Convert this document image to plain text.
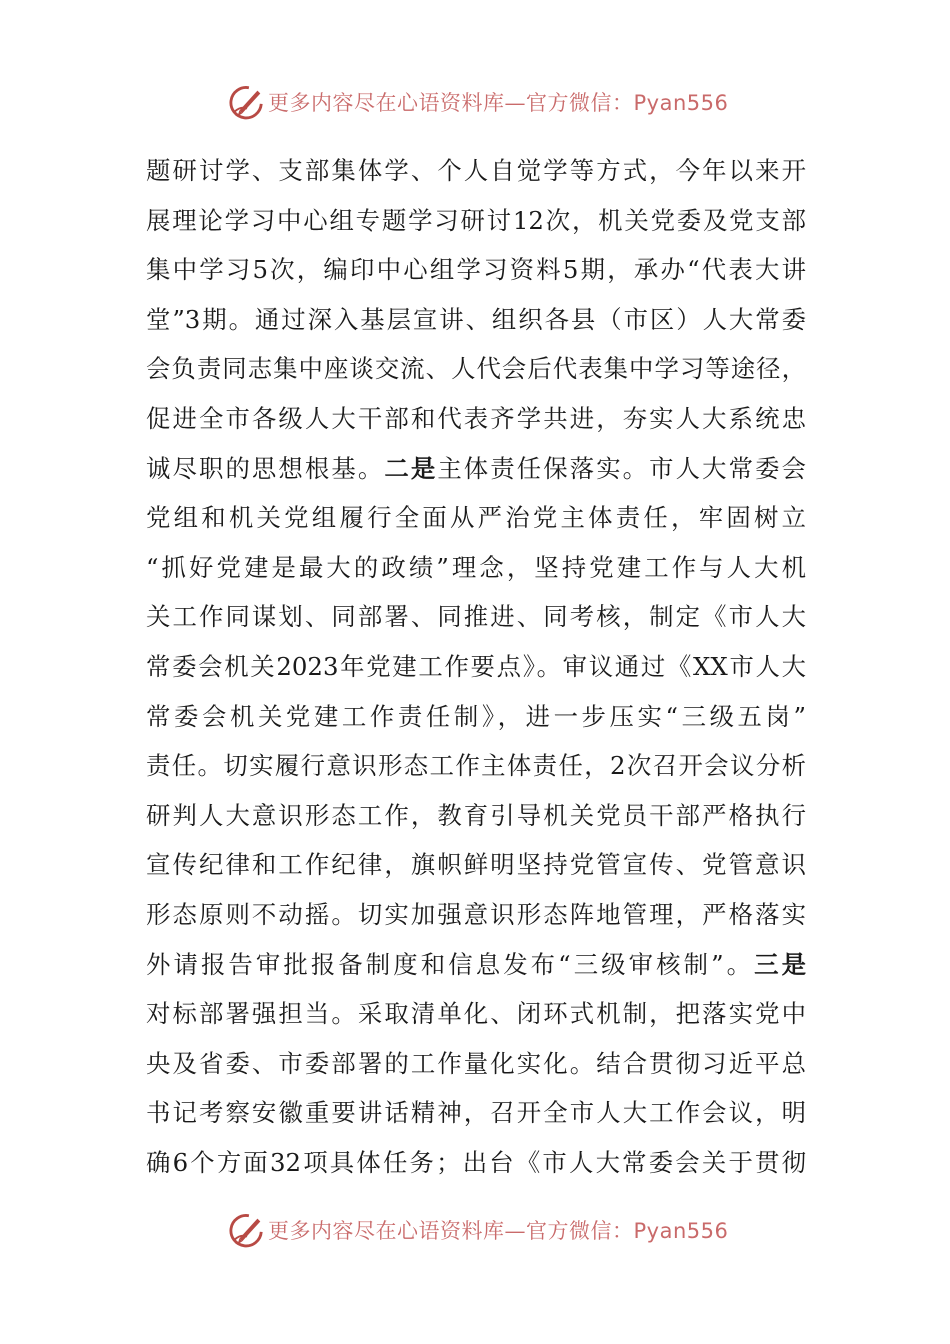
更多内容尽在心语资料库—官方微信：Pyan556
题研讨学、支部集体学、个人自觉学等方式，今年以来开
展理论学习中心组专题学习研讨12次，机关党委及党支部
集中学习5次，编印中心组学习资料5期，承办“代表大讲
堂”3期。通过深入基层宣讲、组织各县（市区）人大常委
会负责同志集中座谈交流、人代会后代表集中学习等途径，
促进全市各级人大干部和代表齐学共进，夯实人大系统忠
诚尽职的思想根基。二是主体责任保落实。市人大常委会
党组和机关党组履行全面从严治党主体责任，牢固树立
“抓好党建是最大的政绩”理念，坚持党建工作与人大机
关工作同谋划、同部署、同推进、同考核，制定《市人大
常委会机关2023年党建工作要点》。审议通过《XX市人大
常委会机关党建工作责任制》，进一步压实“三级五岗”
责任。切实履行意识形态工作主体责任，2次召开会议分析
研判人大意识形态工作，教育引导机关党员干部严格执行
宣传纪律和工作纪律，旗帜鲜明坚持党管宣传、党管意识
形态原则不动摇。切实加强意识形态阵地管理，严格落实
外请报告审批报备制度和信息发布“三级审核制”。三是
对标部署强担当。采取清单化、闭环式机制，把落实党中
央及省委、市委部署的工作量化实化。结合贯彻习近平总
书记考察安徽重要讲话精神，召开全市人大工作会议，明
确6个方面32项具体任务；出台《市人大常委会关于贯彻
更多内容尽在心语资料库—官方微信：Pyan556
